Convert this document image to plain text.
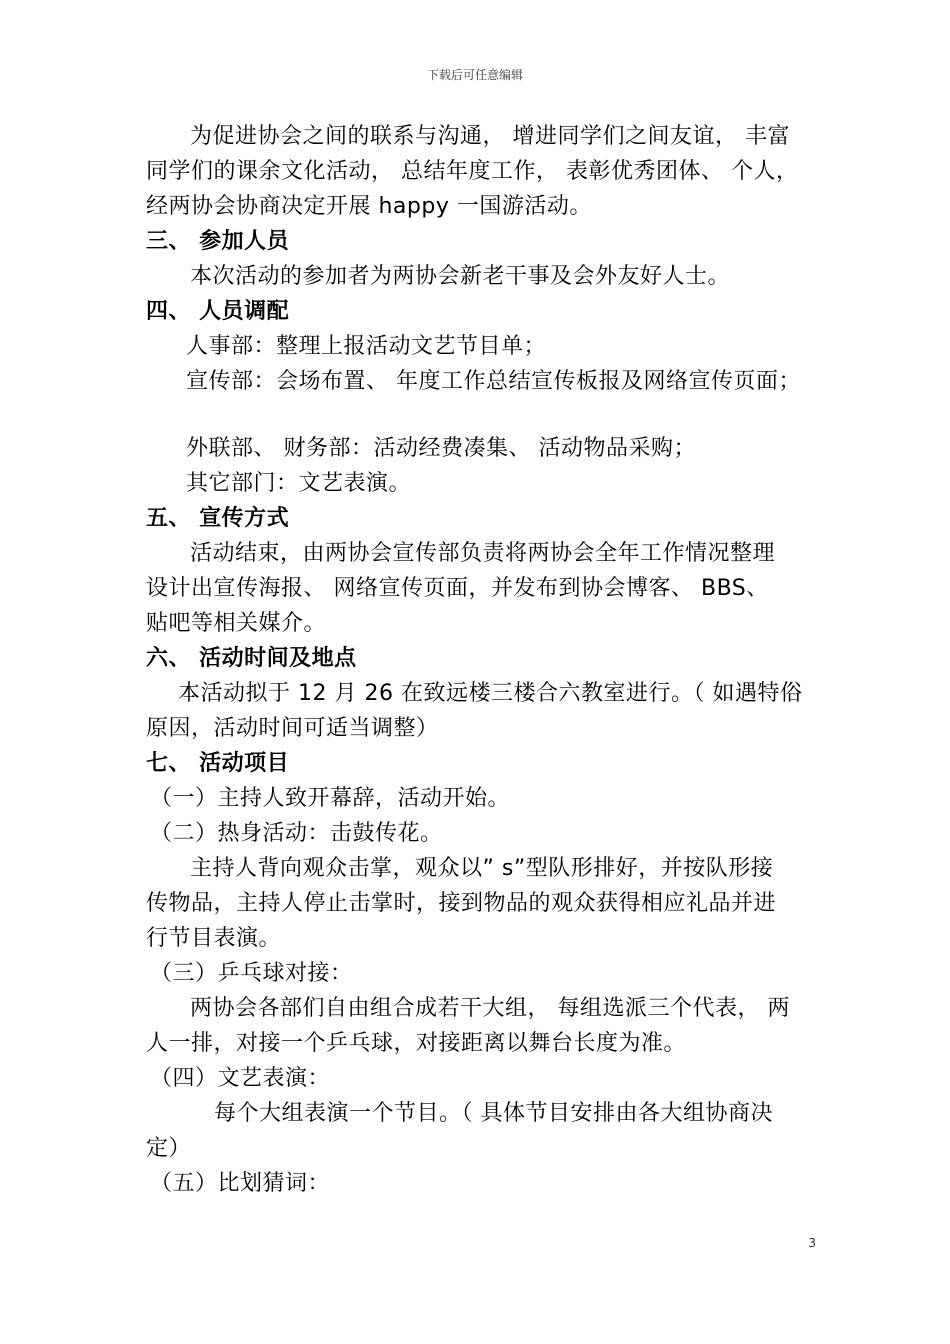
下载后可任意编辑
为促进协会之间的联系与沟通， 增进同学们之间友谊， 丰富
同学们的课余文化活动， 总结年度工作， 表彰优秀团体、 个人，
经两协会协商决定开展 happy 一国游活动。
三、 参加人员
本次活动的参加者为两协会新老干事及会外友好人士。
四、 人员调配
人事部：整理上报活动文艺节目单；
宣传部：会场布置、 年度工作总结宣传板报及网络宣传页面；
外联部、 财务部：活动经费凑集、 活动物品采购；
其它部门：文艺表演。
五、 宣传方式
活动结束，由两协会宣传部负责将两协会全年工作情况整理
设计出宣传海报、 网络宣传页面，并发布到协会博客、 BBS、
贴吧等相关媒介。
六、 活动时间及地点
本活动拟于 12 月 26 在致远楼三楼合六教室进行。（ 如遇特俗
原因，活动时间可适当调整）
七、 活动项目
（一）主持人致开幕辞，活动开始。
（二）热身活动：击鼓传花。
主持人背向观众击掌，观众以” s”型队形排好，并按队形接
传物品，主持人停止击掌时，接到物品的观众获得相应礼品并进
行节目表演。
（三）乒乓球对接：
两协会各部们自由组合成若干大组， 每组选派三个代表， 两
人一排，对接一个乒乓球，对接距离以舞台长度为准。
（四）文艺表演：
每个大组表演一个节目。（ 具体节目安排由各大组协商决
定）
（五）比划猜词：
3
